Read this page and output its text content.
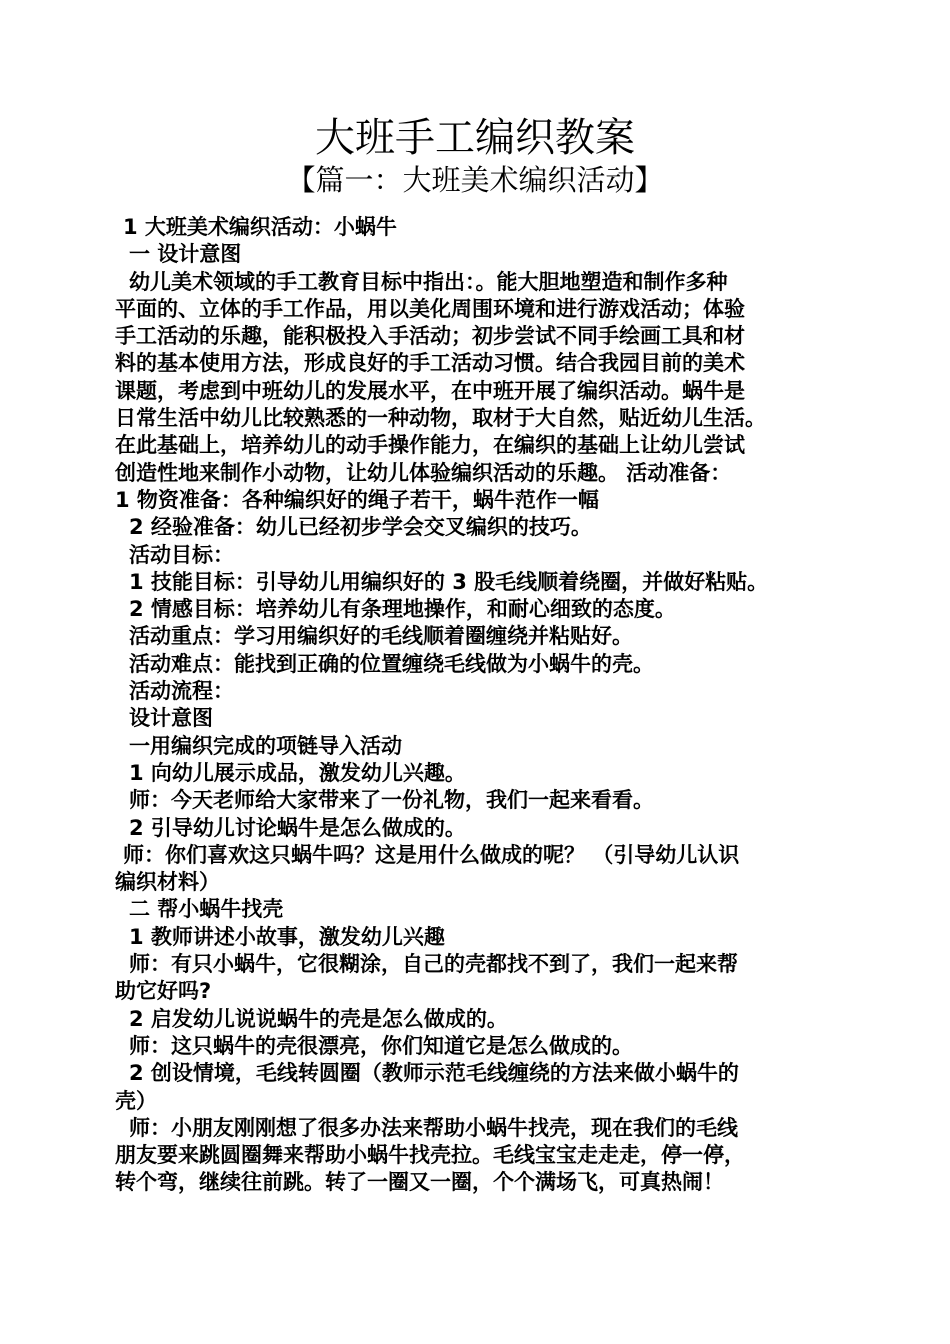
大班手工编织教案
【篇一：大班美术编织活动】
1 大班美术编织活动：小蜗牛
一 设计意图
幼儿美术领域的手工教育目标中指出：。能大胆地塑造和制作多种
平面的、立体的手工作品，用以美化周围环境和进行游戏活动；体验
手工活动的乐趣，能积极投入手活动；初步尝试不同手绘画工具和材
料的基本使用方法，形成良好的手工活动习惯。结合我园目前的美术
课题，考虑到中班幼儿的发展水平，在中班开展了编织活动。蜗牛是
日常生活中幼儿比较熟悉的一种动物，取材于大自然，贴近幼儿生活。
在此基础上，培养幼儿的动手操作能力，在编织的基础上让幼儿尝试
创造性地来制作小动物，让幼儿体验编织活动的乐趣。 活动准备：
1 物资准备：各种编织好的绳子若干，蜗牛范作一幅
2 经验准备：幼儿已经初步学会交叉编织的技巧。
活动目标：
1 技能目标：引导幼儿用编织好的 3 股毛线顺着绕圈，并做好粘贴。
2 情感目标：培养幼儿有条理地操作，和耐心细致的态度。
活动重点：学习用编织好的毛线顺着圈缠绕并粘贴好。
活动难点：能找到正确的位置缠绕毛线做为小蜗牛的壳。
活动流程：
设计意图
一用编织完成的项链导入活动
1 向幼儿展示成品，激发幼儿兴趣。
师：今天老师给大家带来了一份礼物，我们一起来看看。
2 引导幼儿讨论蜗牛是怎么做成的。
师：你们喜欢这只蜗牛吗？这是用什么做成的呢？ （引导幼儿认识
编织材料）
二 帮小蜗牛找壳
1 教师讲述小故事，激发幼儿兴趣
师：有只小蜗牛，它很糊涂，自己的壳都找不到了，我们一起来帮
助它好吗?
2 启发幼儿说说蜗牛的壳是怎么做成的。
师：这只蜗牛的壳很漂亮，你们知道它是怎么做成的。
2 创设情境，毛线转圆圈（教师示范毛线缠绕的方法来做小蜗牛的
壳）
师：小朋友刚刚想了很多办法来帮助小蜗牛找壳，现在我们的毛线
朋友要来跳圆圈舞来帮助小蜗牛找壳拉。毛线宝宝走走走，停一停，
转个弯，继续往前跳。转了一圈又一圈，个个满场飞，可真热闹！
